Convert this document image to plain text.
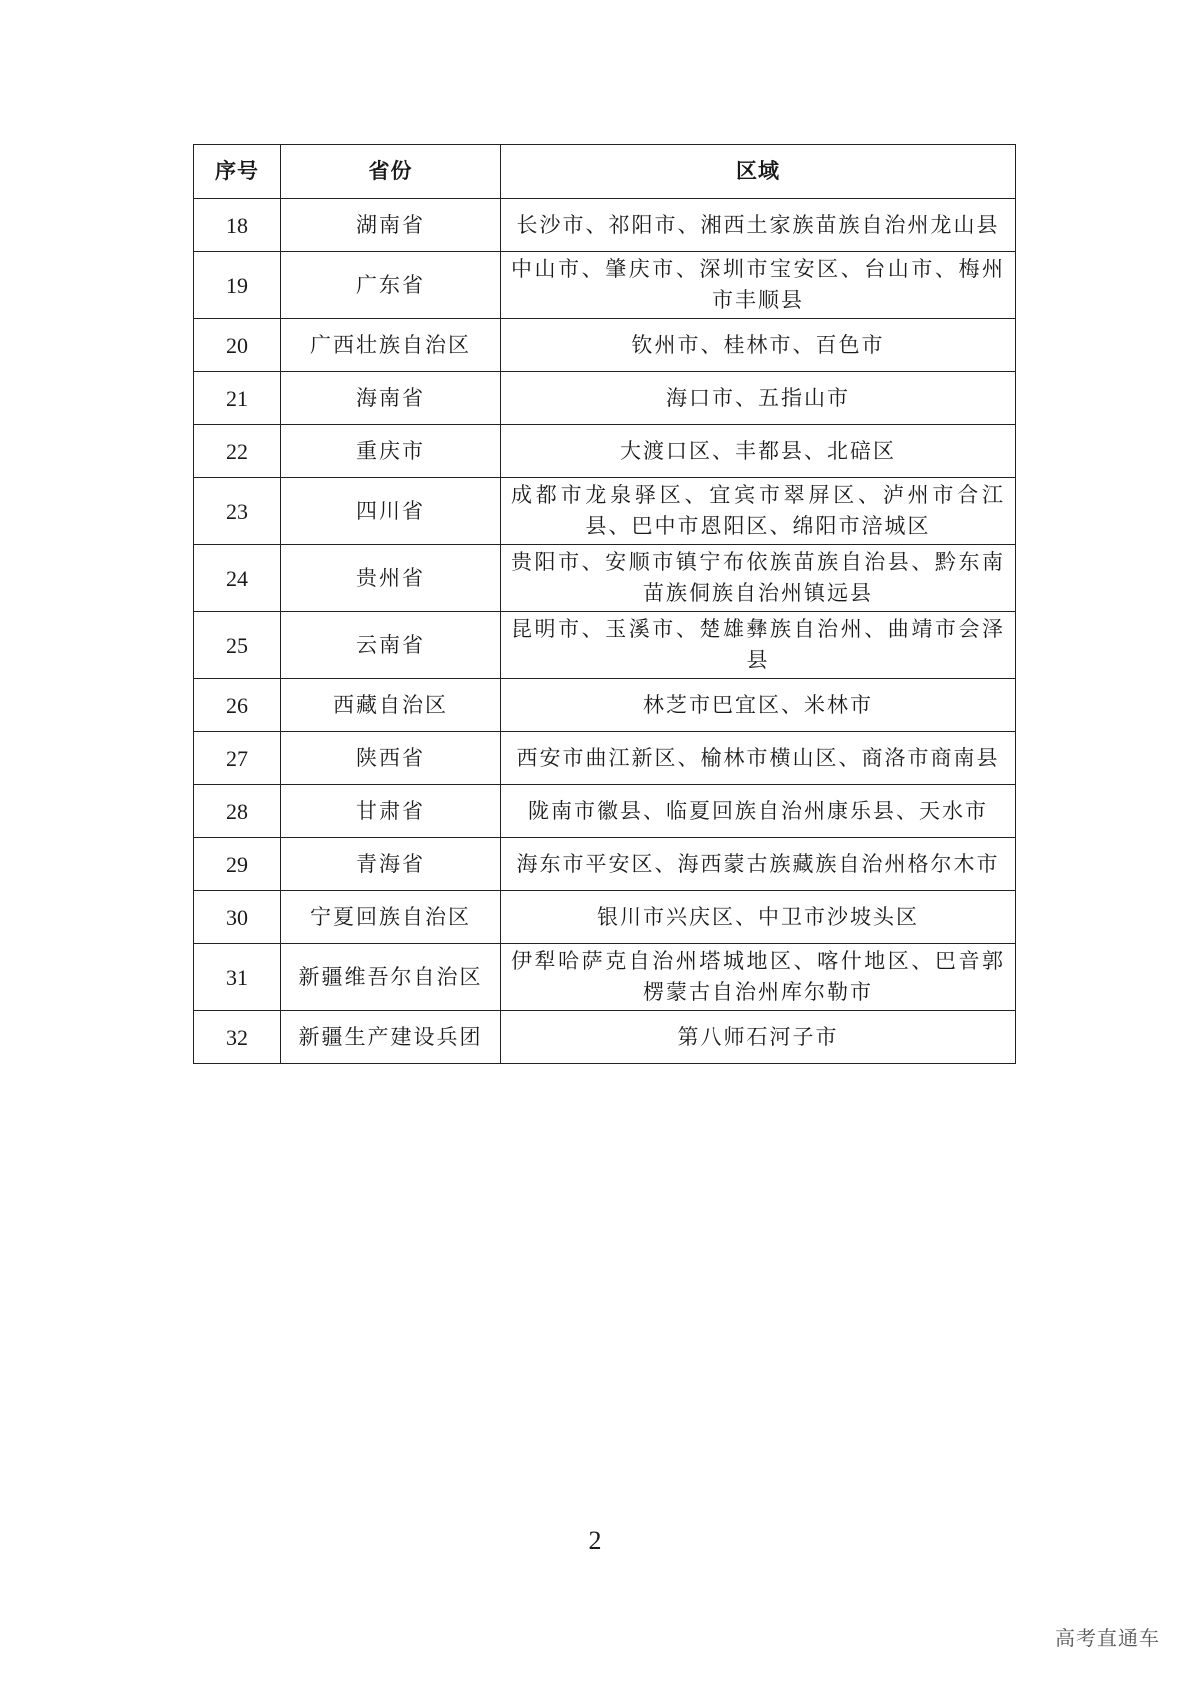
序号	省份	区域
18	湖南省	长沙市、祁阳市、湘西土家族苗族自治州龙山县
19	广东省	中山市、肇庆市、深圳市宝安区、台山市、梅州市丰顺县
20	广西壮族自治区	钦州市、桂林市、百色市
21	海南省	海口市、五指山市
22	重庆市	大渡口区、丰都县、北碚区
23	四川省	成都市龙泉驿区、宜宾市翠屏区、泸州市合江县、巴中市恩阳区、绵阳市涪城区
24	贵州省	贵阳市、安顺市镇宁布依族苗族自治县、黔东南苗族侗族自治州镇远县
25	云南省	昆明市、玉溪市、楚雄彝族自治州、曲靖市会泽县
26	西藏自治区	林芝市巴宜区、米林市
27	陕西省	西安市曲江新区、榆林市横山区、商洛市商南县
28	甘肃省	陇南市徽县、临夏回族自治州康乐县、天水市
29	青海省	海东市平安区、海西蒙古族藏族自治州格尔木市
30	宁夏回族自治区	银川市兴庆区、中卫市沙坡头区
31	新疆维吾尔自治区	伊犁哈萨克自治州塔城地区、喀什地区、巴音郭楞蒙古自治州库尔勒市
32	新疆生产建设兵团	第八师石河子市
2
高考直通车
